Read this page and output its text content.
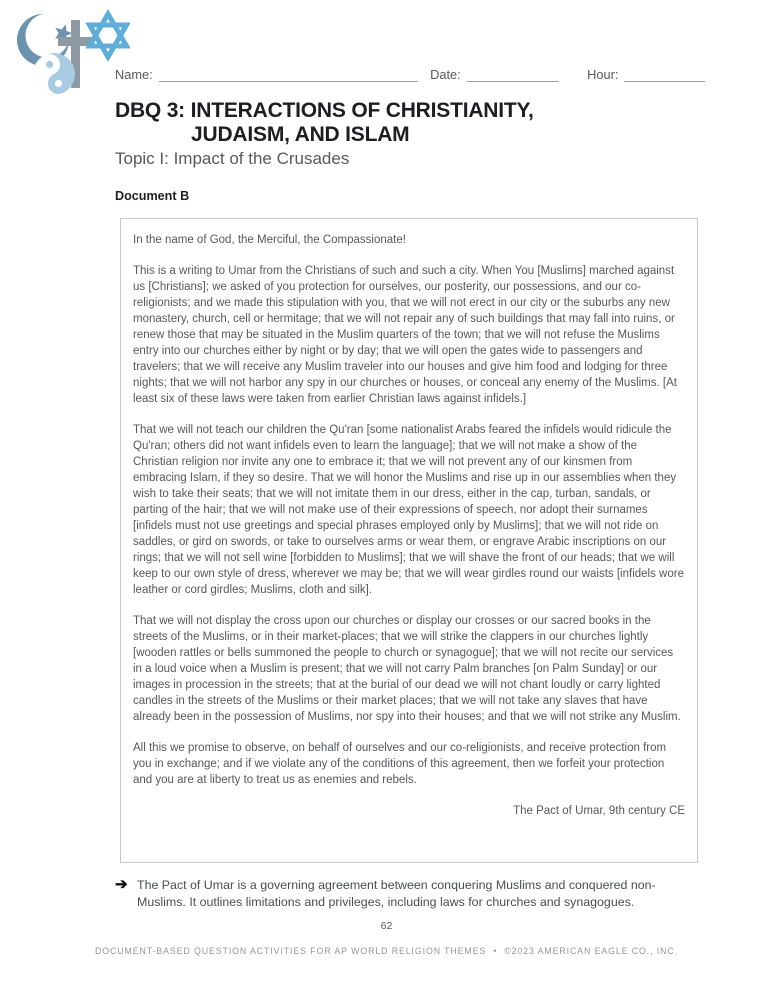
Name:	Date:	Hour:
DBQ 3: INTERACTIONS OF CHRISTIANITY,
JUDAISM, AND ISLAM
Topic I: Impact of the Crusades
Document B

In the name of God, the Merciful, the Compassionate!

This is a writing to Umar from the Christians of such and such a city. When You [Muslims] marched against us [Christians]; we asked of you protection for ourselves, our posterity, our possessions, and our co-religionists; and we made this stipulation with you, that we will not erect in our city or the suburbs any new monastery, church, cell or hermitage; that we will not repair any of such buildings that may fall into ruins, or renew those that may be situated in the Muslim quarters of the town; that we will not refuse the Muslims entry into our churches either by night or by day; that we will open the gates wide to passengers and travelers; that we will receive any Muslim traveler into our houses and give him food and lodging for three nights; that we will not harbor any spy in our churches or houses, or conceal any enemy of the Muslims. [At least six of these laws were taken from earlier Christian laws against infidels.]

That we will not teach our children the Qu'ran [some nationalist Arabs feared the infidels would ridicule the Qu'ran; others did not want infidels even to learn the language]; that we will not make a show of the Christian religion nor invite any one to embrace it; that we will not prevent any of our kinsmen from embracing Islam, if they so desire. That we will honor the Muslims and rise up in our assemblies when they wish to take their seats; that we will not imitate them in our dress, either in the cap, turban, sandals, or parting of the hair; that we will not make use of their expressions of speech, nor adopt their surnames [infidels must not use greetings and special phrases employed only by Muslims]; that we will not ride on saddles, or gird on swords, or take to ourselves arms or wear them, or engrave Arabic inscriptions on our rings; that we will not sell wine [forbidden to Muslims]; that we will shave the front of our heads; that we will keep to our own style of dress, wherever we may be; that we will wear girdles round our waists [infidels wore leather or cord girdles; Muslims, cloth and silk].

That we will not display the cross upon our churches or display our crosses or our sacred books in the streets of the Muslims, or in their market-places; that we will strike the clappers in our churches lightly [wooden rattles or bells summoned the people to church or synagogue]; that we will not recite our services in a loud voice when a Muslim is present; that we will not carry Palm branches [on Palm Sunday] or our images in procession in the streets; that at the burial of our dead we will not chant loudly or carry lighted candles in the streets of the Muslims or their market places; that we will not take any slaves that have already been in the possession of Muslims, nor spy into their houses; and that we will not strike any Muslim.

All this we promise to observe, on behalf of ourselves and our co-religionists, and receive protection from you in exchange; and if we violate any of the conditions of this agreement, then we forfeit your protection and you are at liberty to treat us as enemies and rebels.

The Pact of Umar, 9th century CE
➔ The Pact of Umar is a governing agreement between conquering Muslims and conquered non-Muslims. It outlines limitations and privileges, including laws for churches and synagogues.
62
DOCUMENT-BASED QUESTION ACTIVITIES FOR AP WORLD RELIGION THEMES • ©2023 AMERICAN EAGLE CO., INC.
